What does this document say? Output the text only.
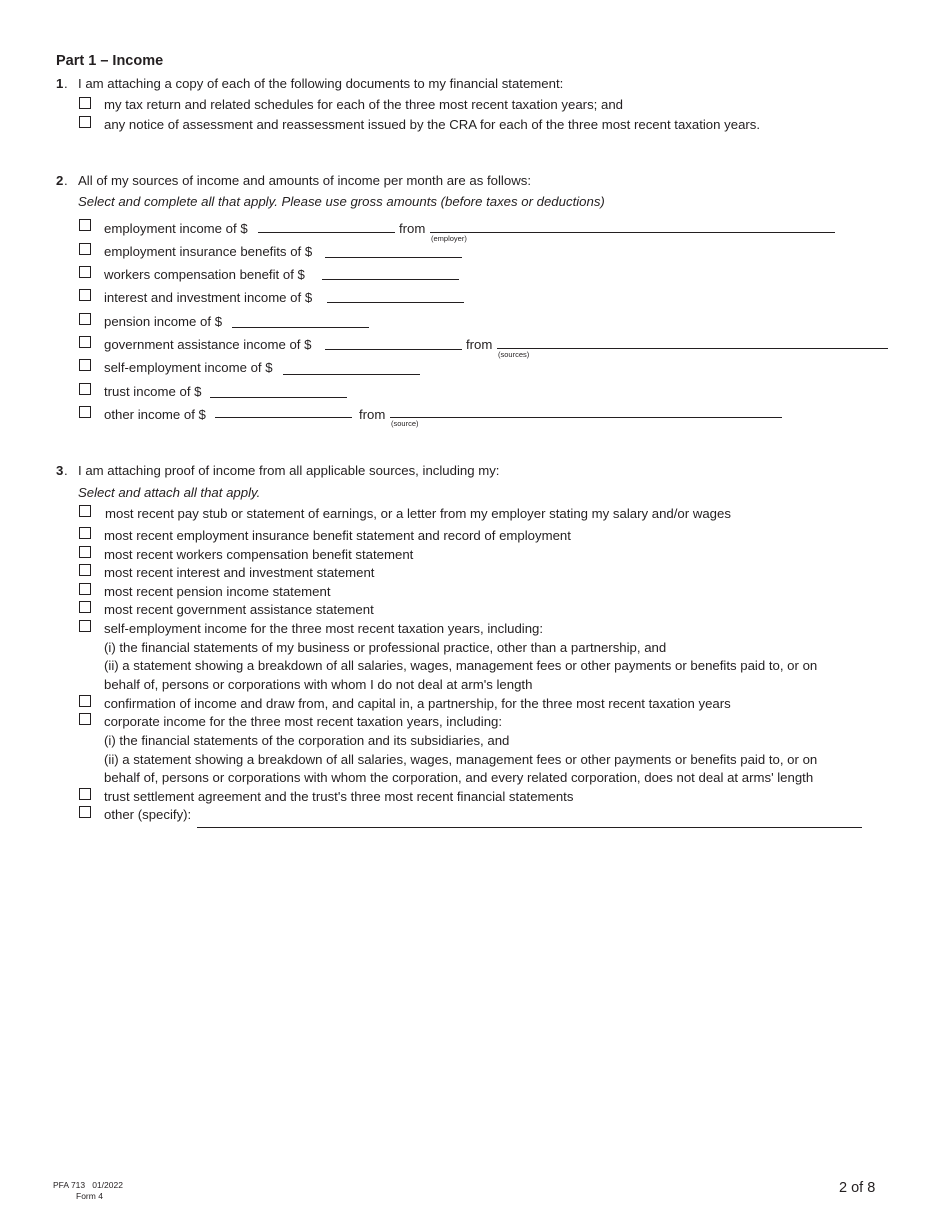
Part 1 – Income
1 . I am attaching a copy of each of the following documents to my financial statement:
my tax return and related schedules for each of the three most recent taxation years; and
any notice of assessment and reassessment issued by the CRA for each of the three most recent taxation years.
2 . All of my sources of income and amounts of income per month are as follows:
Select and complete all that apply. Please use gross amounts (before taxes or deductions)
employment income of $	from
(employer)
employment insurance benefits of $
workers compensation benefit of $
interest and investment income of $
pension income of $
government assistance income of $	from
(sources)
self-employment income of $
trust income of $
other income of $	from
(source)
3 . I am attaching proof of income from all applicable sources, including my:
Select and attach all that apply.
most recent pay stub or statement of earnings, or a letter from my employer stating my salary and/or wages
most recent employment insurance benefit statement and record of employment
most recent workers compensation benefit statement
most recent interest and investment statement
most recent pension income statement
most recent government assistance statement
self-employment income for the three most recent taxation years, including:
(i) the financial statements of my business or professional practice, other than a partnership, and
(ii) a statement showing a breakdown of all salaries, wages, management fees or other payments or benefits paid to, or on
behalf of, persons or corporations with whom I do not deal at arm's length
confirmation of income and draw from, and capital in, a partnership, for the three most recent taxation years
corporate income for the three most recent taxation years, including:
(i) the financial statements of the corporation and its subsidiaries, and
(ii) a statement showing a breakdown of all salaries, wages, management fees or other payments or benefits paid to, or on
behalf of, persons or corporations with whom the corporation, and every related corporation, does not deal at arms' length
trust settlement agreement and the trust's three most recent financial statements
other (specify):
PFA 713   01/2022
Form 4	2 of 8
